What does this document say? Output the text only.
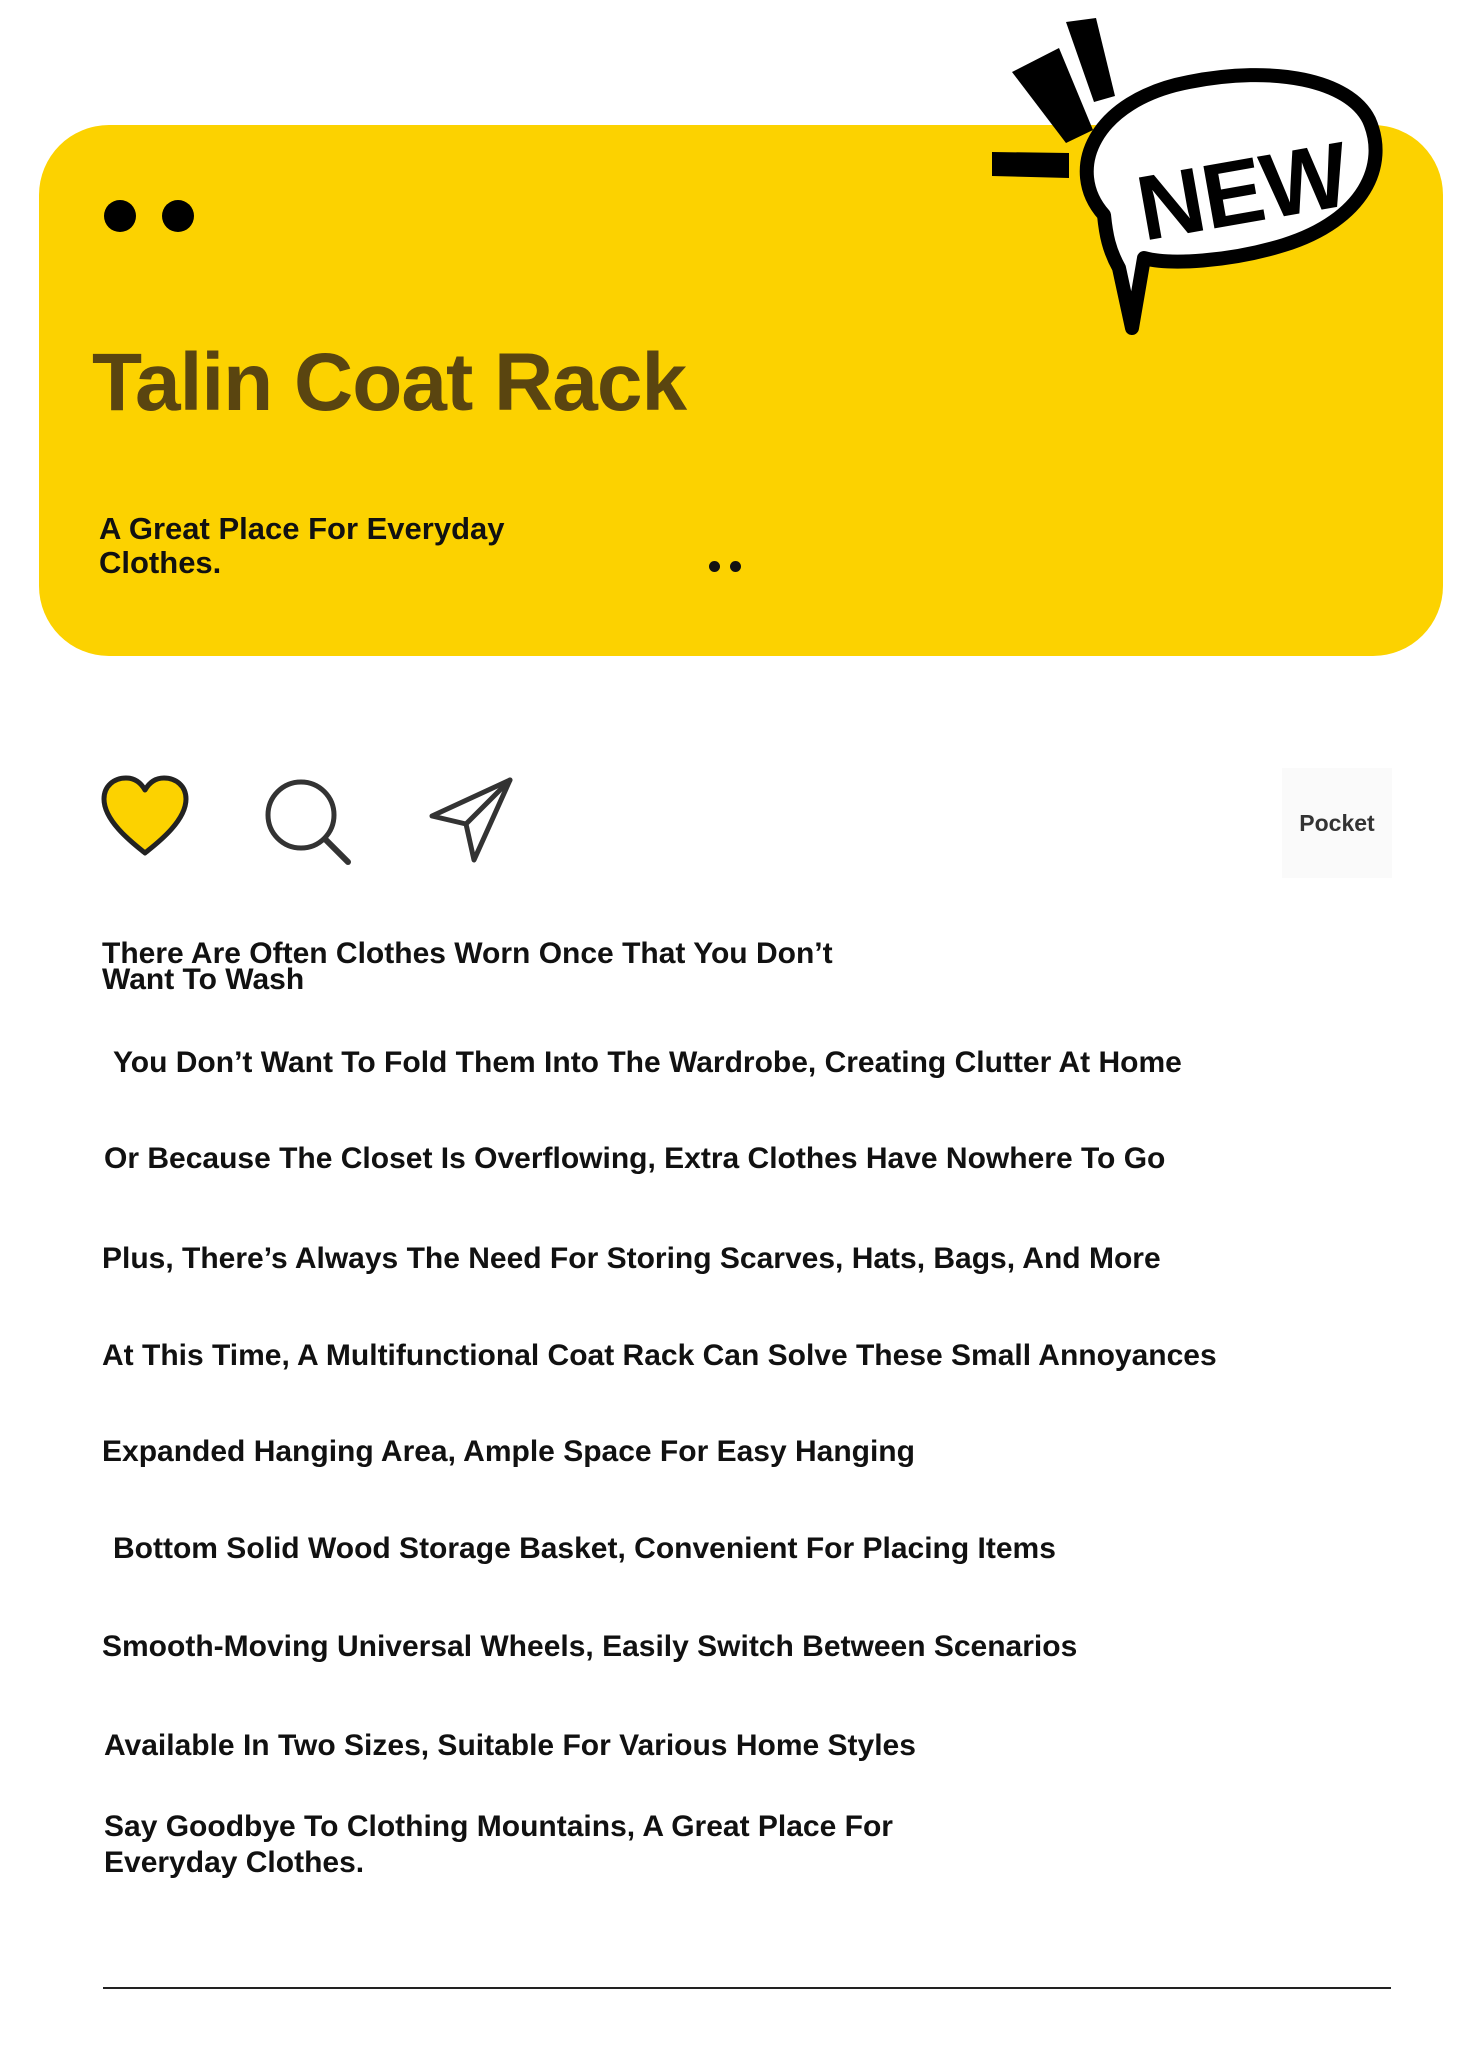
Talin Coat Rack
A Great Place For Everyday Clothes.
NEW
Pocket
There Are Often Clothes Worn Once That You Don’t Want To Wash
You Don’t Want To Fold Them Into The Wardrobe, Creating Clutter At Home
Or Because The Closet Is Overflowing, Extra Clothes Have Nowhere To Go
Plus, There’s Always The Need For Storing Scarves, Hats, Bags, And More
At This Time, A Multifunctional Coat Rack Can Solve These Small Annoyances
Expanded Hanging Area, Ample Space For Easy Hanging
Bottom Solid Wood Storage Basket, Convenient For Placing Items
Smooth-Moving Universal Wheels, Easily Switch Between Scenarios
Available In Two Sizes, Suitable For Various Home Styles
Say Goodbye To Clothing Mountains, A Great Place For Everyday Clothes.
